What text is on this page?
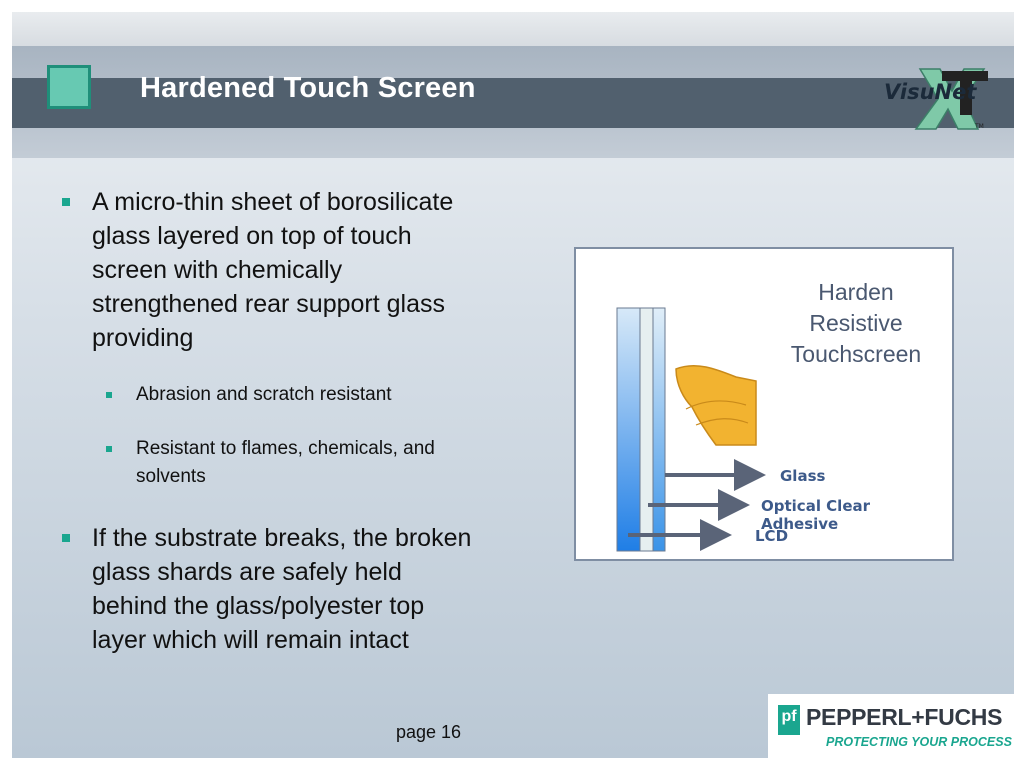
Hardened Touch Screen	VisuNet
TM
A micro-thin sheet of borosilicate
glass layered on top of touch
screen with chemically
strengthened rear support glass
providing
Abrasion and scratch resistant
Resistant to flames, chemicals, and
solvents
If the substrate breaks, the broken
glass shards are safely held
behind the glass/polyester top
layer which will remain intact
Harden
Resistive
Touchscreen
Glass
Optical Clear Adhesive
LCD
page 16
pf PEPPERL+FUCHS
PROTECTING YOUR PROCESS
